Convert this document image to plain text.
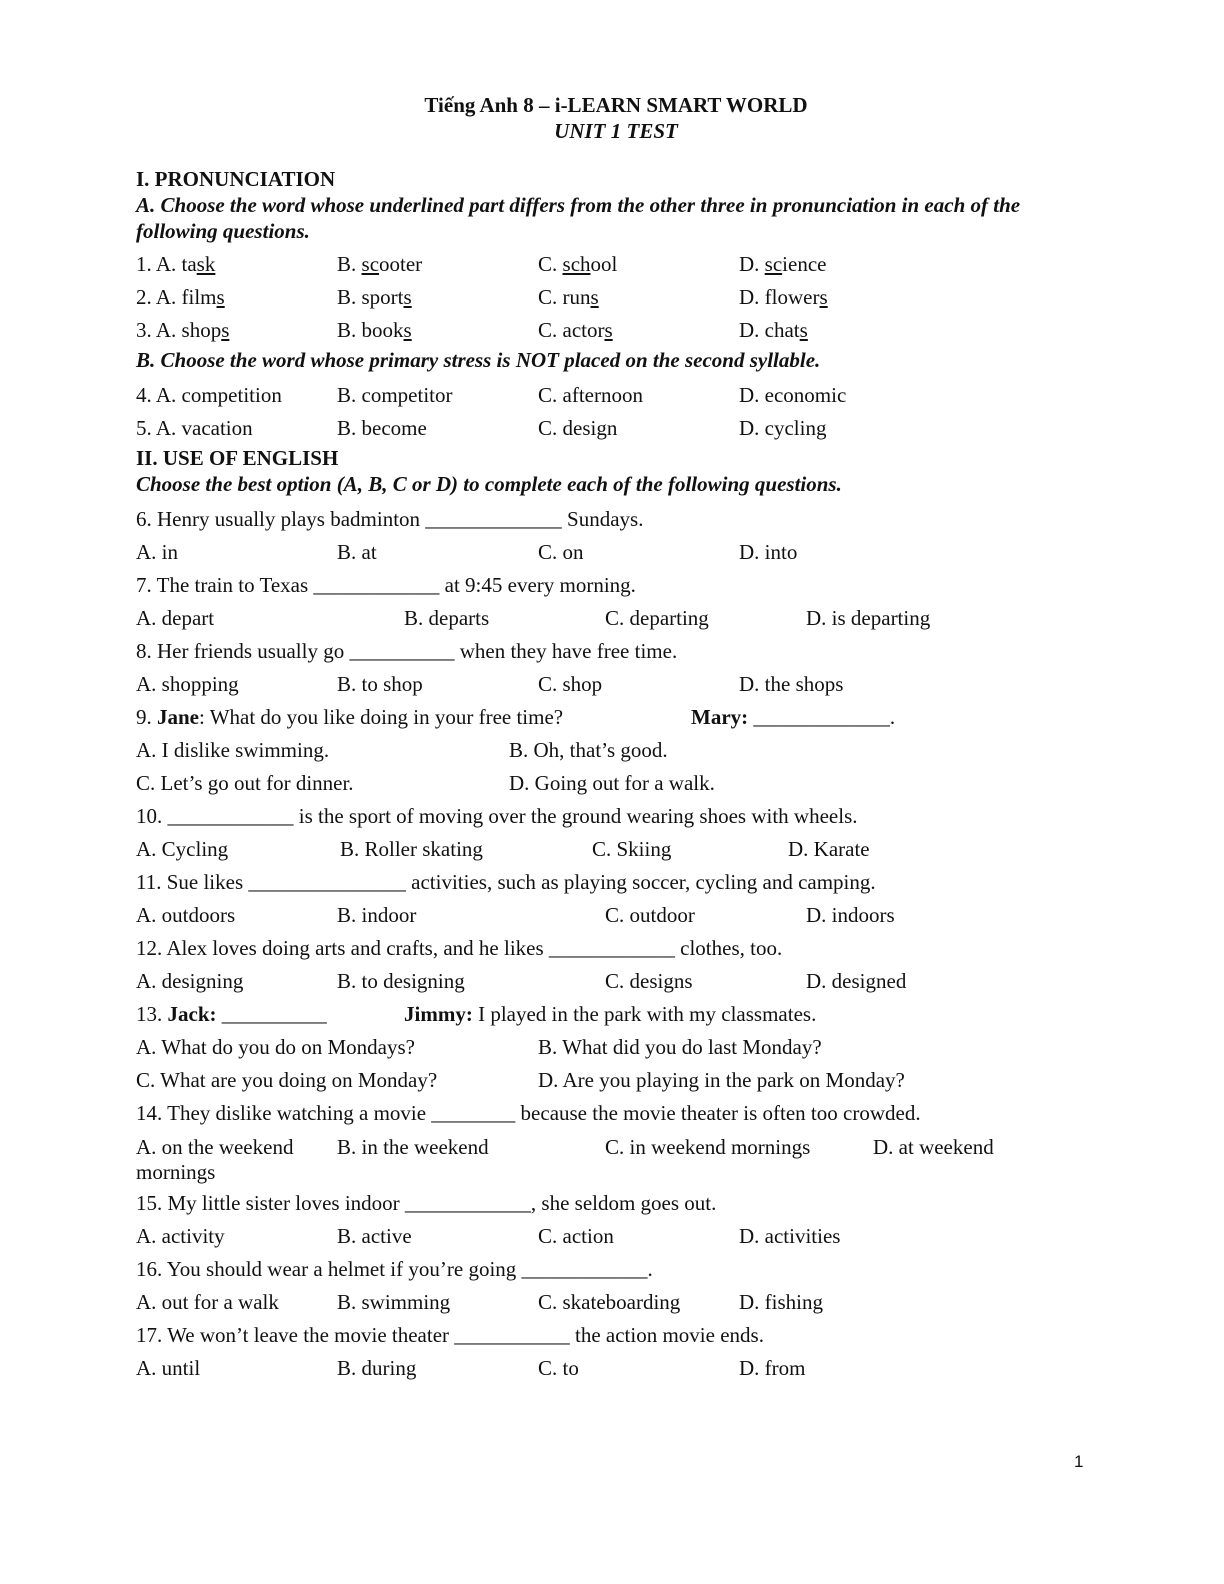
Tiếng Anh 8 – i-LEARN SMART WORLD
UNIT 1 TEST
I. PRONUNCIATION
A. Choose the word whose underlined part differs from the other three in pronunciation in each of the
following questions.
1. A. task	B. scooter	C. school	D. science
2. A. films	B. sports	C. runs	D. flowers
3. A. shops	B. books	C. actors	D. chats
B. Choose the word whose primary stress is NOT placed on the second syllable.
4. A. competition	B. competitor	C. afternoon	D. economic
5. A. vacation	B. become	C. design	D. cycling
II. USE OF ENGLISH
Choose the best option (A, B, C or D) to complete each of the following questions.
6. Henry usually plays badminton _____________ Sundays.
A. in	B. at	C. on	D. into
7. The train to Texas ____________ at 9:45 every morning.
A. depart	B. departs	C. departing	D. is departing
8. Her friends usually go __________ when they have free time.
A. shopping	B. to shop	C. shop	D. the shops
9. Jane: What do you like doing in your free time?	Mary: _____________.
A. I dislike swimming.	B. Oh, that’s good.
C. Let’s go out for dinner.	D. Going out for a walk.
10. ____________ is the sport of moving over the ground wearing shoes with wheels.
A. Cycling	B. Roller skating	C. Skiing	D. Karate
11. Sue likes _______________ activities, such as playing soccer, cycling and camping.
A. outdoors	B. indoor	C. outdoor	D. indoors
12. Alex loves doing arts and crafts, and he likes ____________ clothes, too.
A. designing	B. to designing	C. designs	D. designed
13. Jack: __________	Jimmy: I played in the park with my classmates.
A. What do you do on Mondays?	B. What did you do last Monday?
C. What are you doing on Monday?	D. Are you playing in the park on Monday?
14. They dislike watching a movie ________ because the movie theater is often too crowded.
A. on the weekend	B. in the weekend	C. in weekend mornings	D. at weekend
mornings
15. My little sister loves indoor ____________, she seldom goes out.
A. activity	B. active	C. action	D. activities
16. You should wear a helmet if you’re going ____________.
A. out for a walk	B. swimming	C. skateboarding	D. fishing
17. We won’t leave the movie theater ___________ the action movie ends.
A. until	B. during	C. to	D. from
1
